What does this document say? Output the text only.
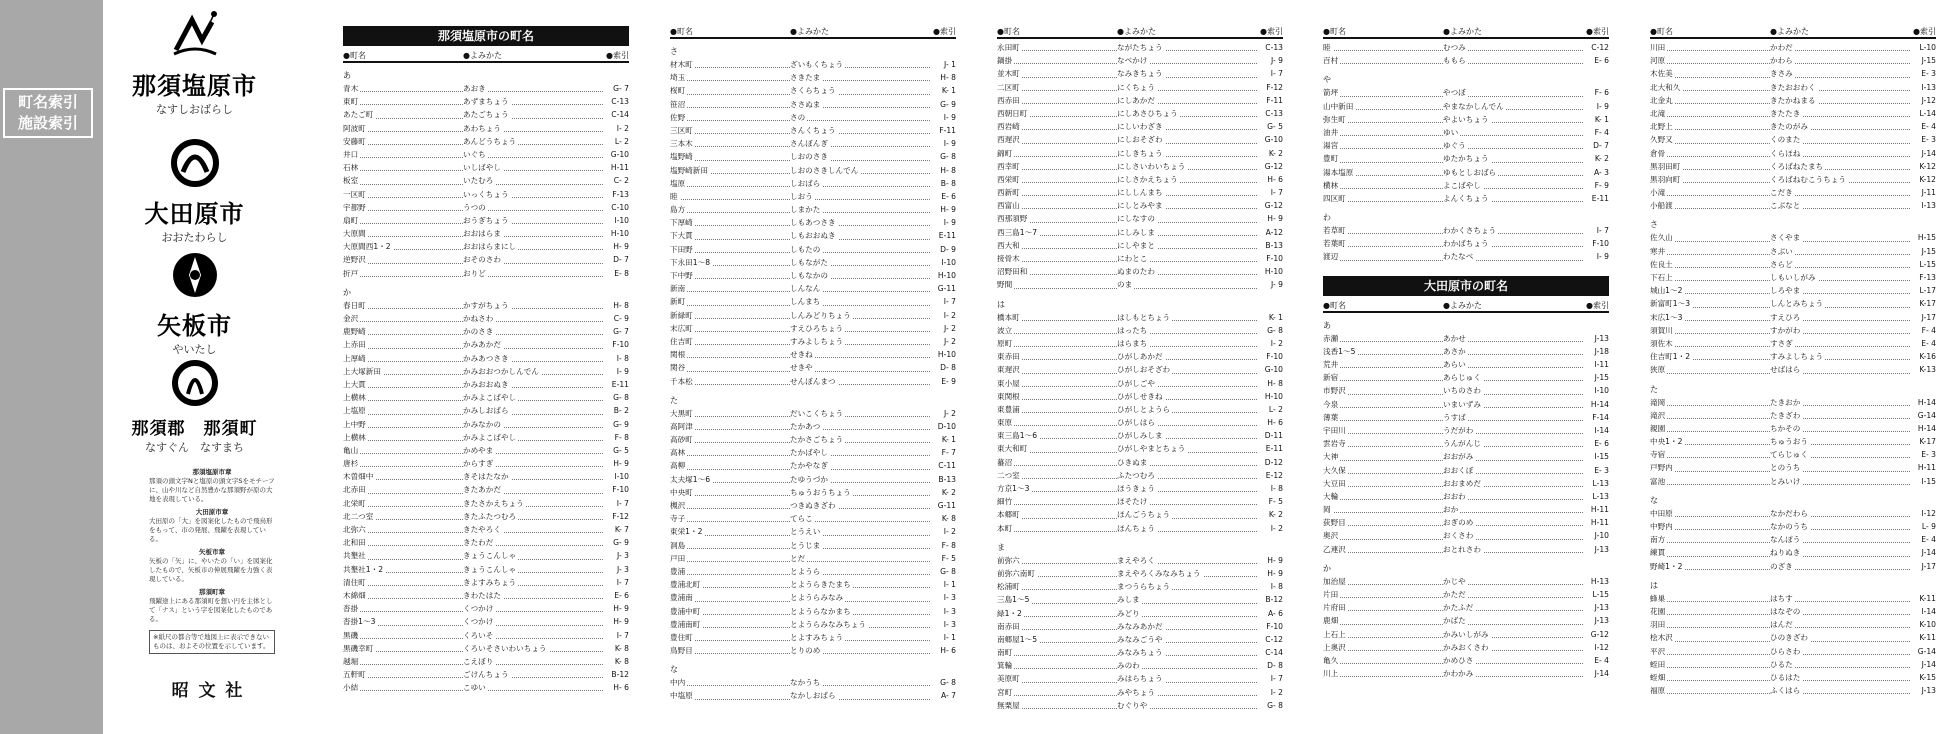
町名索引
施設索引
那須塩原市
なすしおばらし
大田原市
おおたわらし
矢板市
やいたし
那須郡　那須町
なすぐん　なすまち
那須塩原市章
那須の頭文字Nと塩原の頭文字Sをモチーフに、山や川など自然豊かな那須野が原の大地を表現している。
大田原市章
大田原の「大」を図案化したもので飛鳥形をもって、市の発展、飛躍を表現している。
矢板市章
矢板の「矢」に、やいたの「い」を図案化したもので、矢板市の伸展飛躍を力強く表現している。
那須町章
飛躍途上にある那須町を想い円を主体として「ナス」という字を図案化したものである。
※紙尺の都合等で地図上に表示できないものは、およその位置を示しています。
昭 文 社
那須塩原市の町名
●町名	●よみかた	●索引
あ
青木	あおき	G- 7
東町	あずまちょう	C-13
あたご町	あたごちょう	C-14
阿波町	あわちょう	I- 2
安藤町	あんどうちょう	L- 2
井口	いぐち	G-10
石林	いしばやし	H-11
板室	いたむろ	C- 2
一区町	いっくちょう	F-13
宇都野	うつの	C-10
扇町	おうぎちょう	I-10
大原間	おおはらま	H-10
大原間西1・2	おおはらまにし	H- 9
逆野沢	おそのさわ	D- 7
折戸	おりど	E- 8
か
春日町	かすがちょう	H- 8
金沢	かねさわ	C- 9
鹿野崎	かのさき	G- 7
上赤田	かみあかだ	F-10
上厚崎	かみあつさき	I- 8
上大塚新田	かみおおつかしんでん	I- 9
上大貫	かみおおぬき	E-11
上横林	かみよこばやし	G- 8
上塩原	かみしおばら	B- 2
上中野	かみなかの	G- 9
上横林	かみよこばやし	F- 8
亀山	かめやま	G- 5
唐杉	からすぎ	H- 9
木曽畑中	きそはたなか	I-10
北赤田	きたあかだ	F-10
北栄町	きたさかえちょう	I- 7
北二つ室	きたふたつむろ	F-12
北弥六	きたやろく	K- 7
北和田	きたわだ	G- 9
共墾社	きょうこんしゃ	J- 3
共墾社1・2	きょうこんしゃ	J- 3
清住町	きよすみちょう	I- 7
木綿畑	きわたはた	E- 6
沓掛	くつかけ	H- 9
沓掛1〜3	くつかけ	H- 9
黒磯	くろいそ	I- 7
黒磯幸町	くろいそさいわいちょう	K- 8
越堀	こえぼり	K- 8
五軒町	ごけんちょう	B-12
小結	こゆい	H- 6
●町名	●よみかた	●索引
さ
材木町	ざいもくちょう	J- 1
埼玉	さきたま	H- 8
桜町	さくらちょう	K- 1
笹沼	ささぬま	G- 9
佐野	さの	I- 9
三区町	さんくちょう	F-11
三本木	さんぼんぎ	I- 9
塩野崎	しおのさき	G- 8
塩野崎新田	しおのさきしんでん	H- 8
塩原	しおばら	B- 8
睦	しおう	E- 6
島方	しまかた	H- 9
下厚崎	しもあつさき	I- 9
下大貫	しもおおぬき	E-11
下田野	しもたの	D- 9
下永田1〜8	しもながた	I-10
下中野	しもなかの	H-10
新南	しんなん	G-11
新町	しんまち	I- 7
新緑町	しんみどりちょう	I- 2
末広町	すえひろちょう	J- 2
住吉町	すみよしちょう	J- 2
関根	せきね	H-10
関谷	せきや	D- 8
千本松	せんぼんまつ	E- 9
た
大黒町	だいこくちょう	J- 2
高阿津	たかあつ	D-10
高砂町	たかさごちょう	K- 1
高林	たかばやし	F- 7
高柳	たかやなぎ	C-11
太夫塚1〜6	たゆうづか	B-13
中央町	ちゅうおうちょう	K- 2
槻沢	つきぬきざわ	G-11
寺子	てらこ	K- 8
東栄1・2	とうえい	I- 2
洞島	とうじま	F- 8
戸田	とだ	F- 5
豊浦	とようら	G- 8
豊浦北町	とようらきたまち	I- 1
豊浦南	とようらみなみ	I- 3
豊浦中町	とようらなかまち	I- 3
豊浦南町	とようらみなみちょう	I- 3
豊住町	とよすみちょう	I- 1
鳥野目	とりのめ	H- 6
な
中内	なかうち	G- 8
中塩原	なかしおばら	A- 7
●町名	●よみかた	●索引
永田町	ながたちょう	C-13
鍋掛	なべかけ	J- 9
並木町	なみきちょう	I- 7
二区町	にくちょう	F-12
西赤田	にしあかだ	F-11
西朝日町	にしあさひちょう	C-13
西岩崎	にしいわざき	G- 5
西遅沢	にしおそざわ	G-10
錦町	にしきちょう	K- 2
西幸町	にしさいわいちょう	G-12
西栄町	にしさかえちょう	H- 6
西新町	にししんまち	I- 7
西富山	にしとみやま	G-12
西那須野	にしなすの	H- 9
西三島1〜7	にしみしま	A-12
西大和	にしやまと	B-13
接骨木	にわとこ	F-10
沼野田和	ぬまのたわ	H-10
野間	のま	J- 9
は
橋本町	はしもとちょう	K- 1
波立	はったち	G- 8
原町	はらまち	I- 2
東赤田	ひがしあかだ	F-10
東遅沢	ひがしおそざわ	G-10
東小屋	ひがしごや	H- 8
東関根	ひがしせきね	H-10
東豊浦	ひがしとようら	L- 2
東原	ひがしはら	H- 6
東三島1〜6	ひがしみしま	D-11
東大和町	ひがしやまとちょう	E-11
蟇沼	ひきぬま	D-12
二つ室	ふたつむろ	E-12
方京1〜3	ほうきょう	I- 8
細竹	ほそたけ	F- 5
本郷町	ほんごうちょう	K- 2
本町	ほんちょう	I- 2
ま
前弥六	まえやろく	H- 9
前弥六南町	まえやろくみなみちょう	H- 9
松浦町	まつうらちょう	I- 8
三島1〜5	みしま	B-12
緑1・2	みどり	A- 6
南赤田	みなみあかだ	F-10
南郷屋1〜5	みなみごうや	C-12
南町	みなみちょう	C-14
箕輪	みのわ	D- 8
美原町	みはらちょう	I- 7
宮町	みやちょう	I- 2
無栗屋	むぐりや	G- 8
●町名	●よみかた	●索引
睦	むつみ	C-12
百村	ももら	E- 6
や
箭坪	やつぼ	F- 6
山中新田	やまなかしんでん	I- 9
弥生町	やよいちょう	K- 1
油井	ゆい	F- 4
湯宮	ゆぐう	D- 7
豊町	ゆたかちょう	K- 2
湯本塩原	ゆもとしおばら	A- 3
横林	よこばやし	F- 9
四区町	よんくちょう	E-11
わ
若草町	わかくさちょう	I- 7
若葉町	わかばちょう	F-10
渡辺	わたなべ	I- 9
大田原市の町名
●町名	●よみかた	●索引
あ
赤瀬	あかせ	J-13
浅香1〜5	あさか	J-18
荒井	あらい	I-11
新宿	あらじゅく	J-15
市野沢	いちのさわ	I-10
今泉	いまいずみ	H-14
薄葉	うすば	F-14
宇田川	うだがわ	I-14
雲岩寺	うんがんじ	E- 6
大神	おおがみ	I-15
大久保	おおくぼ	E- 3
大豆田	おおまめだ	L-13
大輪	おおわ	L-13
岡	おか	H-11
荻野目	おぎのめ	H-11
奥沢	おくさわ	J-10
乙連沢	おとれさわ	J-13
か
加治屋	かじや	H-13
片田	かただ	L-15
片府田	かたふだ	J-13
鹿畑	かばた	J-13
上石上	かみいしがみ	G-12
上奥沢	かみおくさわ	I-12
亀久	かめひさ	E- 4
川上	かわかみ	J-14
●町名	●よみかた	●索引
川田	かわだ	L-10
河原	かわら	J-15
木佐美	きさみ	E- 3
北大和久	きたおおわく	I-13
北金丸	きたかねまる	J-12
北滝	きたたき	L-14
北野上	きたのがみ	E- 4
久野又	くのまた	E- 3
倉骨	くらほね	J-14
黒羽田町	くろばねたまち	K-12
黒羽向町	くろばねむこうちょう	K-12
小滝	こだき	J-11
小船渡	こぶなと	I-13
さ
佐久山	さくやま	H-15
寒井	さぶい	J-15
佐良土	さらど	L-15
下石上	しもいしがみ	F-13
城山1〜2	しろやま	L-17
新富町1〜3	しんとみちょう	K-17
末広1〜3	すえひろ	J-17
須賀川	すかがわ	F- 4
須佐木	すさぎ	E- 4
住吉町1・2	すみよしちょう	K-16
狭原	せばはら	K-13
た
滝岡	たきおか	H-14
滝沢	たきざわ	G-14
親園	ちかその	H-14
中央1・2	ちゅうおう	K-17
寺宿	てらじゅく	E- 3
戸野内	とのうち	H-11
富池	とみいけ	I-15
な
中田原	なかだわら	I-12
中野内	なかのうち	L- 9
南方	なんぽう	E- 4
練貫	ねりぬき	J-14
野崎1・2	のざき	J-17
は
蜂巣	はちす	K-11
花園	はなぞの	I-14
羽田	はんだ	K-10
桧木沢	ひのきざわ	K-11
平沢	ひらさわ	G-14
蛭田	ひるた	J-14
蛭畑	ひるはた	K-15
福原	ふくはら	J-13
